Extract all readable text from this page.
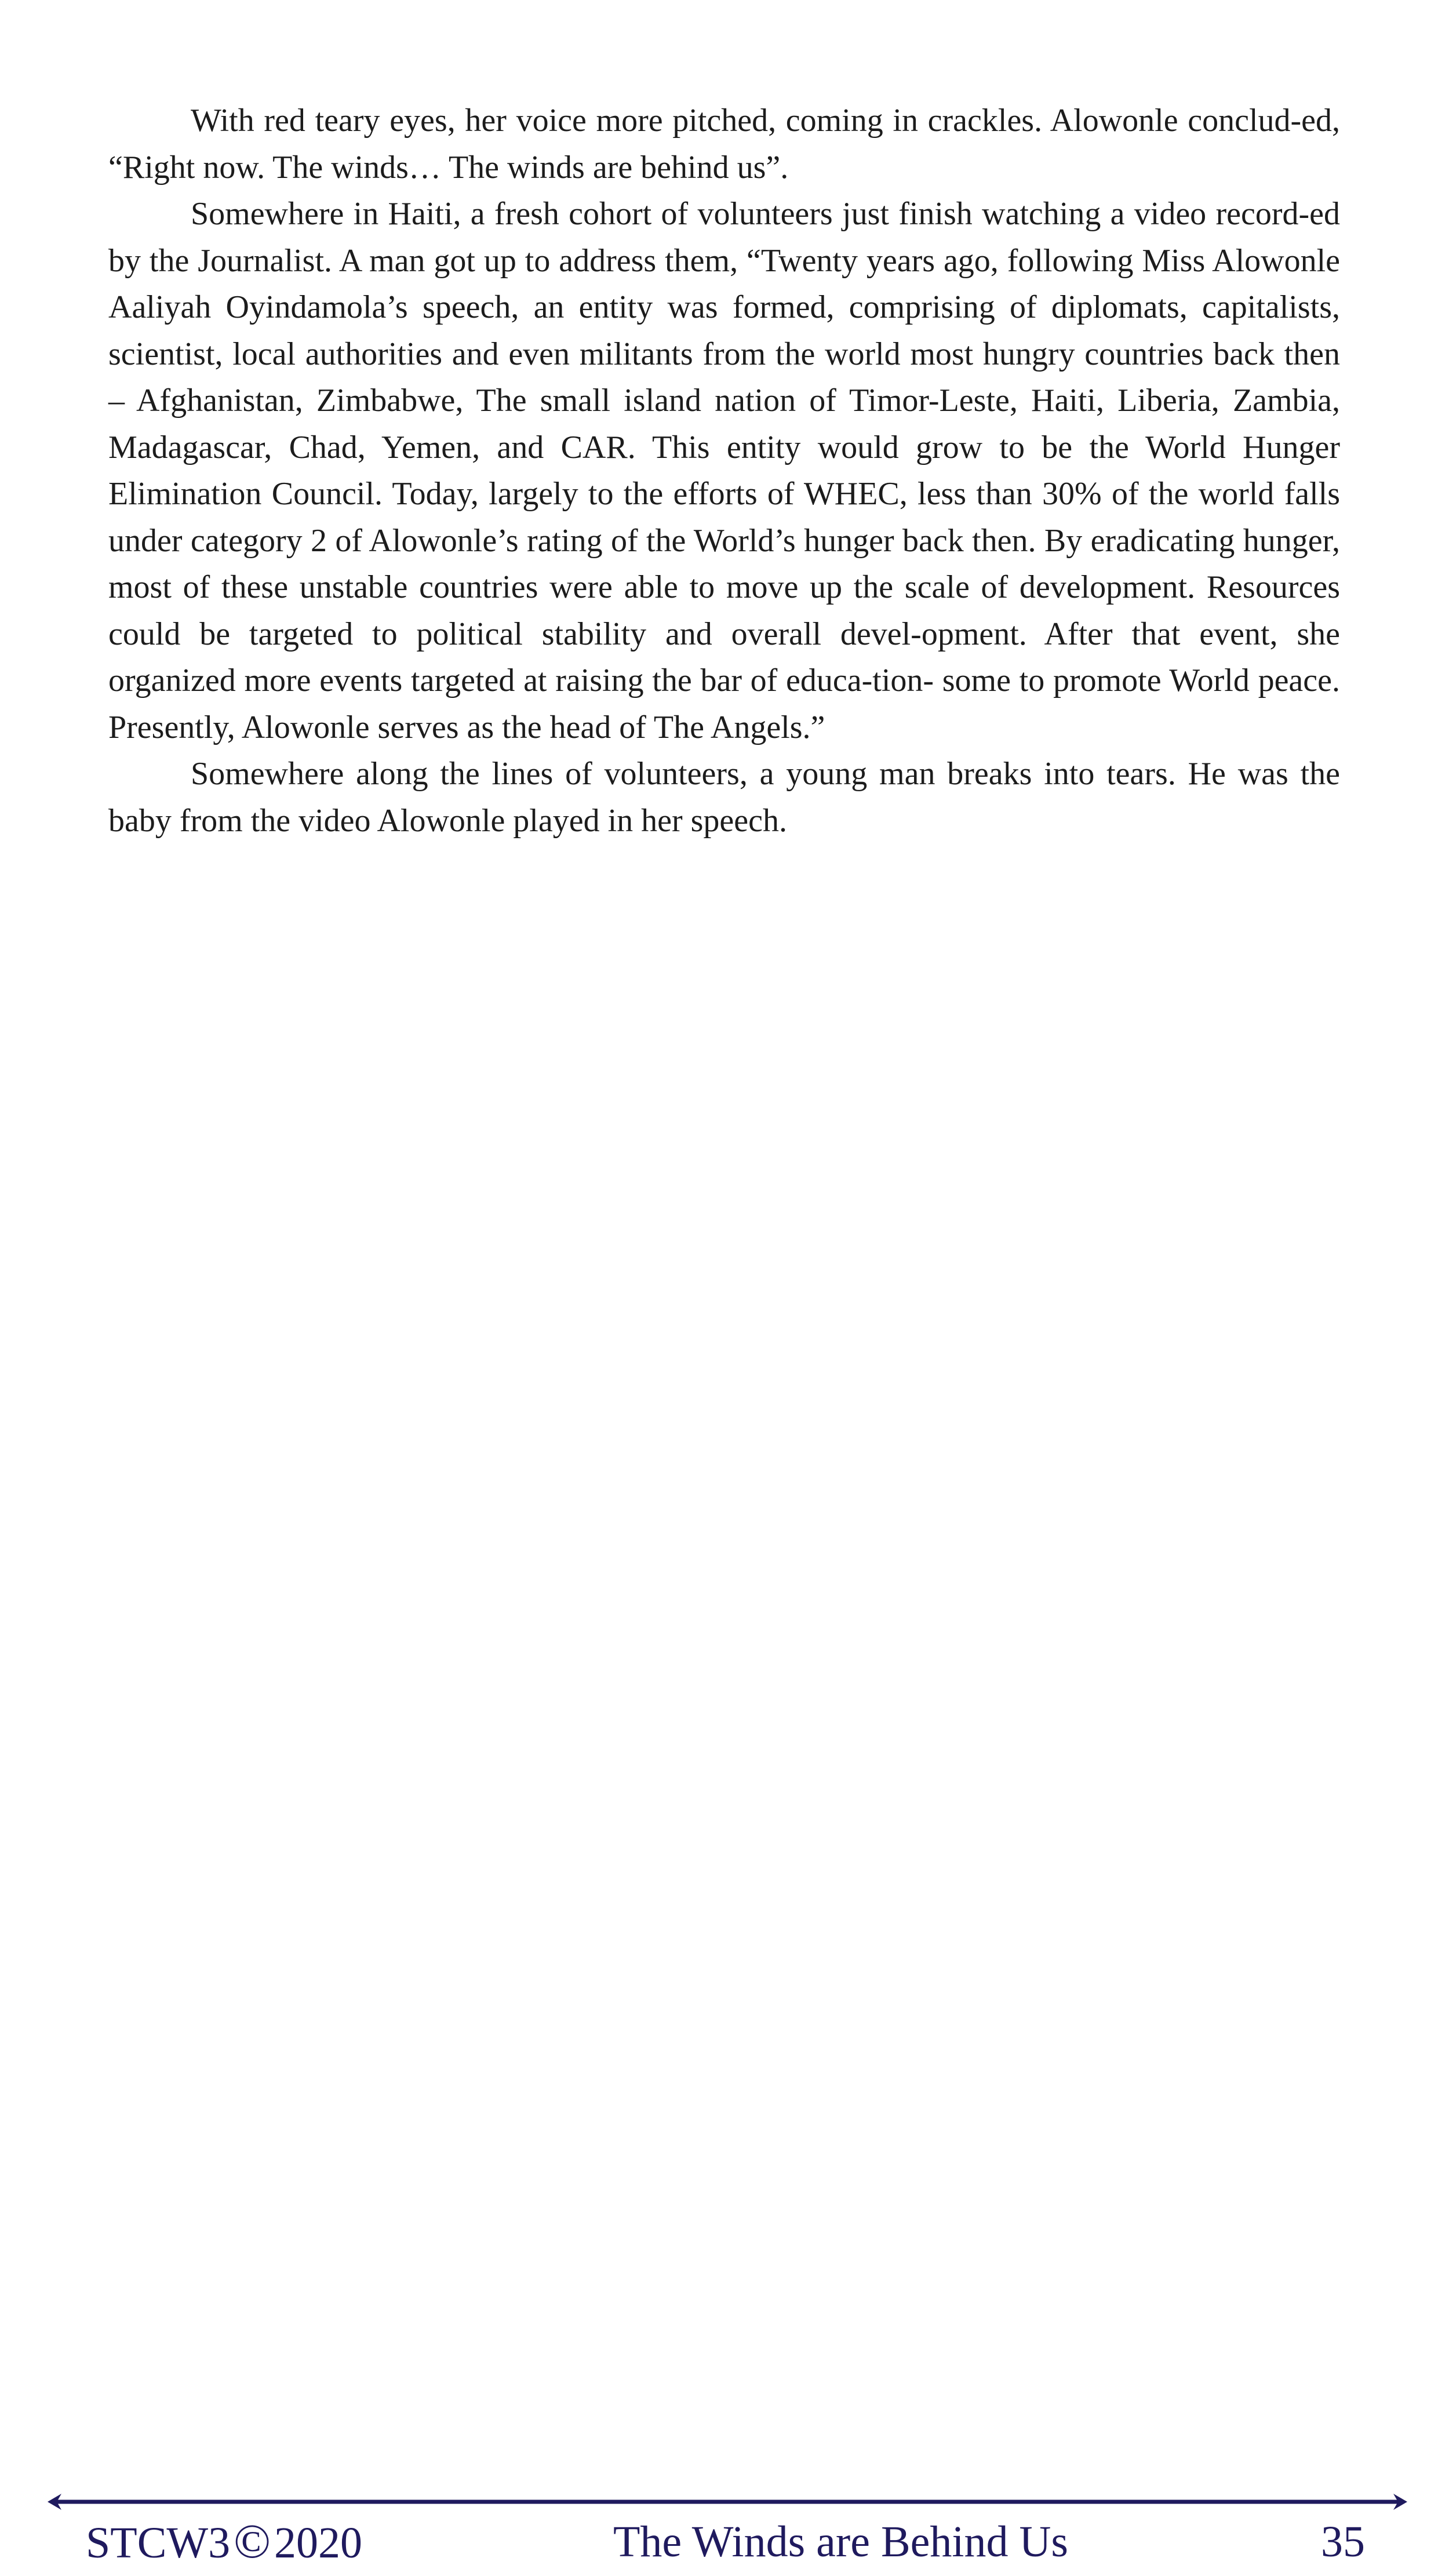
With red teary eyes, her voice more pitched, coming in crackles. Alowonle conclud-ed, “Right now. The winds… The winds are behind us”.

Somewhere in Haiti, a fresh cohort of volunteers just finish watching a video record-ed by the Journalist. A man got up to address them, “Twenty years ago, following Miss Alowonle Aaliyah Oyindamola’s speech, an entity was formed, comprising of diplomats, capitalists, scientist, local authorities and even militants from the world most hungry countries back then – Afghanistan, Zimbabwe, The small island nation of Timor-Leste, Haiti, Liberia, Zambia, Madagascar, Chad, Yemen, and CAR. This entity would grow to be the World Hunger Elimination Council. Today, largely to the efforts of WHEC, less than 30% of the world falls under category 2 of Alowonle’s rating of the World’s hunger back then. By eradicating hunger, most of these unstable countries were able to move up the scale of development. Resources could be targeted to political stability and overall devel-opment. After that event, she organized more events targeted at raising the bar of educa-tion- some to promote World peace. Presently, Alowonle serves as the head of The Angels.”

Somewhere along the lines of volunteers, a young man breaks into tears. He was the baby from the video Alowonle played in her speech.

STCW3©2020	The Winds are Behind Us	35
